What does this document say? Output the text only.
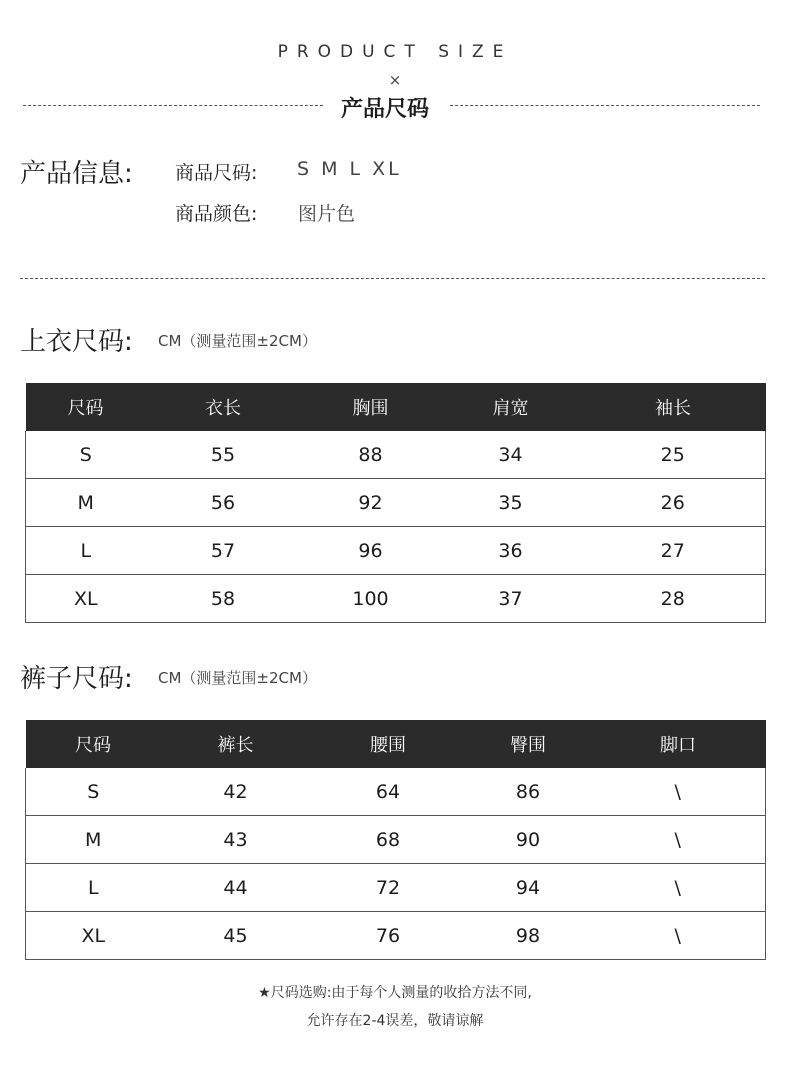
PRODUCT SIZE
×
产品尺码
产品信息: 商品尺码: S M L XL
商品颜色: 图片色
上衣尺码: CM（测量范围±2CM）
尺码	衣长	胸围	肩宽	袖长
S	55	88	34	25
M	56	92	35	26
L	57	96	36	27
XL	58	100	37	28
裤子尺码: CM（测量范围±2CM）
尺码	裤长	腰围	臀围	脚口
S	42	64	86	\
M	43	68	90	\
L	44	72	94	\
XL	45	76	98	\
★尺码选购:由于每个人测量的收拾方法不同,
允许存在2-4误差，敬请谅解
